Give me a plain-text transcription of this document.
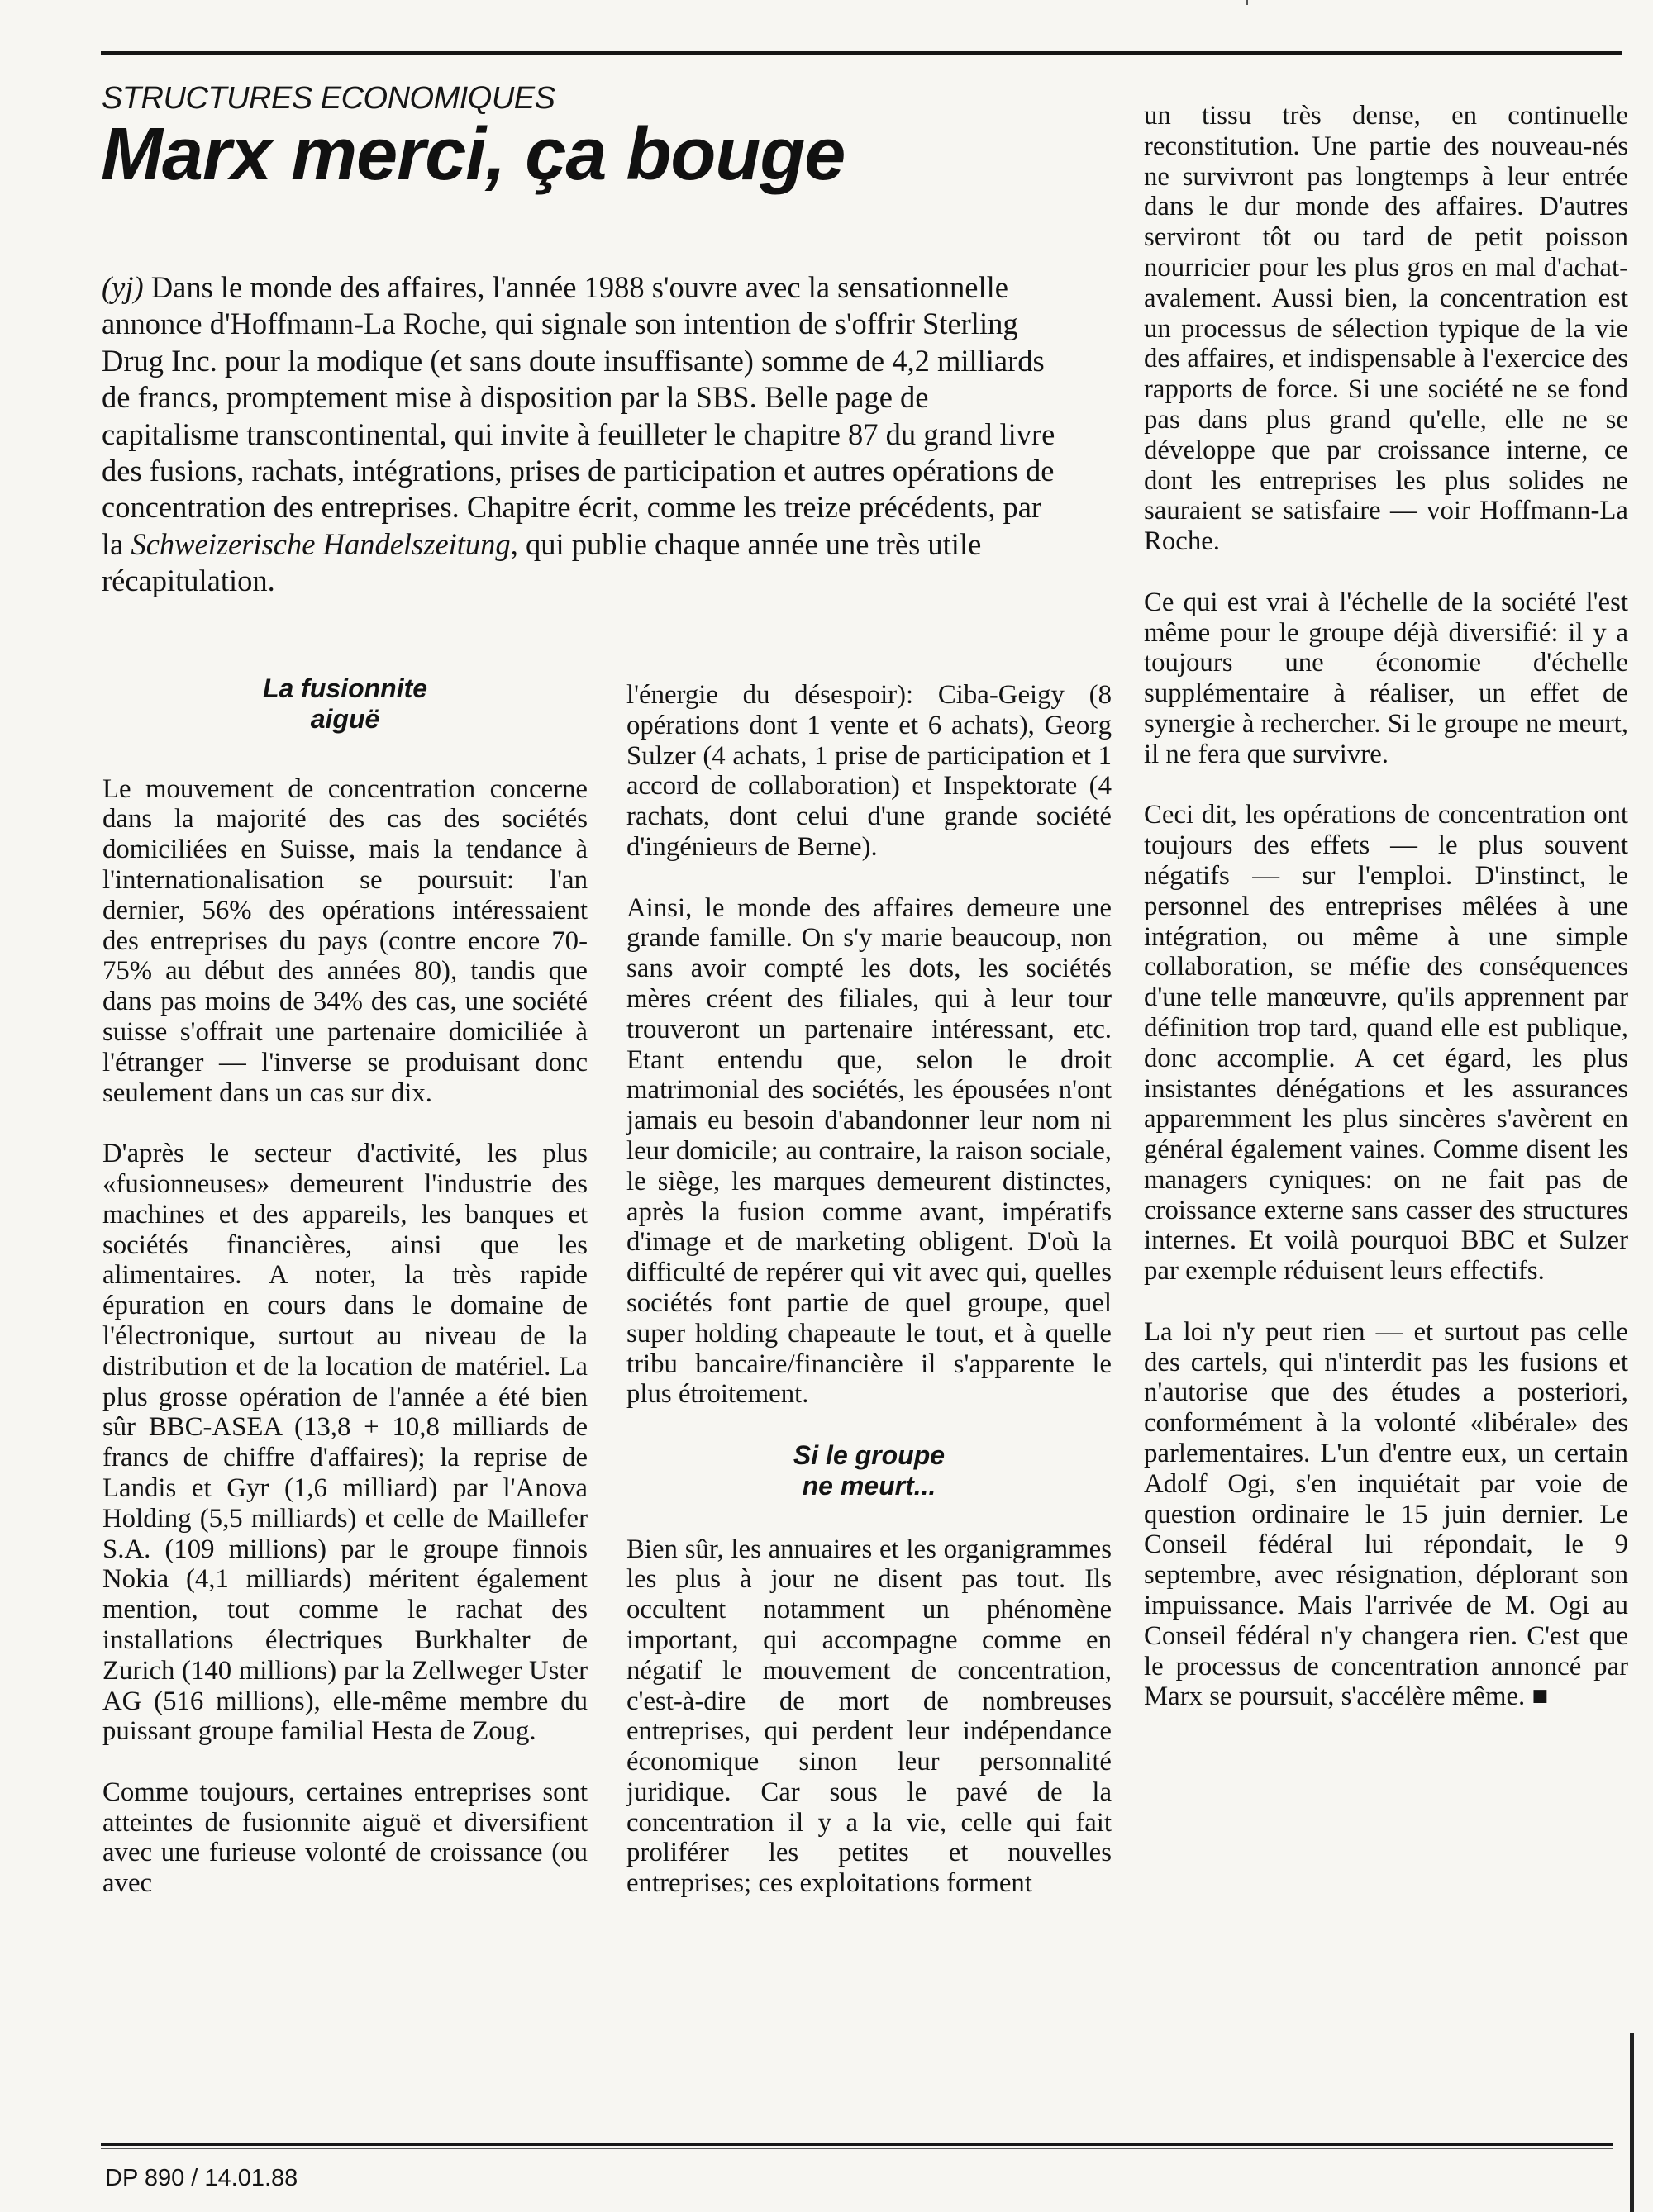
STRUCTURES ECONOMIQUES
Marx merci, ça bouge

(yj) Dans le monde des affaires, l'année 1988 s'ouvre avec la sensationnelle annonce d'Hoffmann-La Roche, qui signale son intention de s'offrir Sterling Drug Inc. pour la modique (et sans doute insuffisante) somme de 4,2 milliards de francs, promptement mise à disposition par la SBS. Belle page de capitalisme transcontinental, qui invite à feuilleter le chapitre 87 du grand livre des fusions, rachats, intégrations, prises de participation et autres opérations de concentration des entreprises. Chapitre écrit, comme les treize précédents, par la Schweizerische Handelszeitung, qui publie chaque année une très utile récapitulation.

La fusionnite
aiguë

Le mouvement de concentration concerne dans la majorité des cas des sociétés domiciliées en Suisse, mais la tendance à l'internationalisation se poursuit: l'an dernier, 56% des opérations intéressaient des entreprises du pays (contre encore 70-75% au début des années 80), tandis que dans pas moins de 34% des cas, une société suisse s'offrait une partenaire domiciliée à l'étranger — l'inverse se produisant donc seulement dans un cas sur dix.

D'après le secteur d'activité, les plus «fusionneuses» demeurent l'industrie des machines et des appareils, les banques et sociétés financières, ainsi que les alimentaires. A noter, la très rapide épuration en cours dans le domaine de l'électronique, surtout au niveau de la distribution et de la location de matériel. La plus grosse opération de l'année a été bien sûr BBC-ASEA (13,8 + 10,8 milliards de francs de chiffre d'affaires); la reprise de Landis et Gyr (1,6 milliard) par l'Anova Holding (5,5 milliards) et celle de Maillefer S.A. (109 millions) par le groupe finnois Nokia (4,1 milliards) méritent également mention, tout comme le rachat des installations électriques Burkhalter de Zurich (140 millions) par la Zellweger Uster AG (516 millions), elle-même membre du puissant groupe familial Hesta de Zoug.

Comme toujours, certaines entreprises sont atteintes de fusionnite aiguë et diversifient avec une furieuse volonté de croissance (ou avec

l'énergie du désespoir): Ciba-Geigy (8 opérations dont 1 vente et 6 achats), Georg Sulzer (4 achats, 1 prise de participation et 1 accord de collaboration) et Inspektorate (4 rachats, dont celui d'une grande société d'ingénieurs de Berne).

Ainsi, le monde des affaires demeure une grande famille. On s'y marie beaucoup, non sans avoir compté les dots, les sociétés mères créent des filiales, qui à leur tour trouveront un partenaire intéressant, etc. Etant entendu que, selon le droit matrimonial des sociétés, les épousées n'ont jamais eu besoin d'abandonner leur nom ni leur domicile; au contraire, la raison sociale, le siège, les marques demeurent distinctes, après la fusion comme avant, impératifs d'image et de marketing obligent. D'où la difficulté de repérer qui vit avec qui, quelles sociétés font partie de quel groupe, quel super holding chapeaute le tout, et à quelle tribu bancaire/financière il s'apparente le plus étroitement.

Si le groupe
ne meurt...

Bien sûr, les annuaires et les organigrammes les plus à jour ne disent pas tout. Ils occultent notamment un phénomène important, qui accompagne comme en négatif le mouvement de concentration, c'est-à-dire de mort de nombreuses entreprises, qui perdent leur indépendance économique sinon leur personnalité juridique. Car sous le pavé de la concentration il y a la vie, celle qui fait proliférer les petites et nouvelles entreprises; ces exploitations forment

un tissu très dense, en continuelle reconstitution. Une partie des nouveau-nés ne survivront pas longtemps à leur entrée dans le dur monde des affaires. D'autres serviront tôt ou tard de petit poisson nourricier pour les plus gros en mal d'achat-avalement. Aussi bien, la concentration est un processus de sélection typique de la vie des affaires, et indispensable à l'exercice des rapports de force. Si une société ne se fond pas dans plus grand qu'elle, elle ne se développe que par croissance interne, ce dont les entreprises les plus solides ne sauraient se satisfaire — voir Hoffmann-La Roche.

Ce qui est vrai à l'échelle de la société l'est même pour le groupe déjà diversifié: il y a toujours une économie d'échelle supplémentaire à réaliser, un effet de synergie à rechercher. Si le groupe ne meurt, il ne fera que survivre.

Ceci dit, les opérations de concentration ont toujours des effets — le plus souvent négatifs — sur l'emploi. D'instinct, le personnel des entreprises mêlées à une intégration, ou même à une simple collaboration, se méfie des conséquences d'une telle manœuvre, qu'ils apprennent par définition trop tard, quand elle est publique, donc accomplie. A cet égard, les plus insistantes dénégations et les assurances apparemment les plus sincères s'avèrent en général également vaines. Comme disent les managers cyniques: on ne fait pas de croissance externe sans casser des structures internes. Et voilà pourquoi BBC et Sulzer par exemple réduisent leurs effectifs.

La loi n'y peut rien — et surtout pas celle des cartels, qui n'interdit pas les fusions et n'autorise que des études a posteriori, conformément à la volonté «libérale» des parlementaires. L'un d'entre eux, un certain Adolf Ogi, s'en inquiétait par voie de question ordinaire le 15 juin dernier. Le Conseil fédéral lui répondait, le 9 septembre, avec résignation, déplorant son impuissance. Mais l'arrivée de M. Ogi au Conseil fédéral n'y changera rien. C'est que le processus de concentration annoncé par Marx se poursuit, s'accélère même. ■

DP 890 / 14.01.88
